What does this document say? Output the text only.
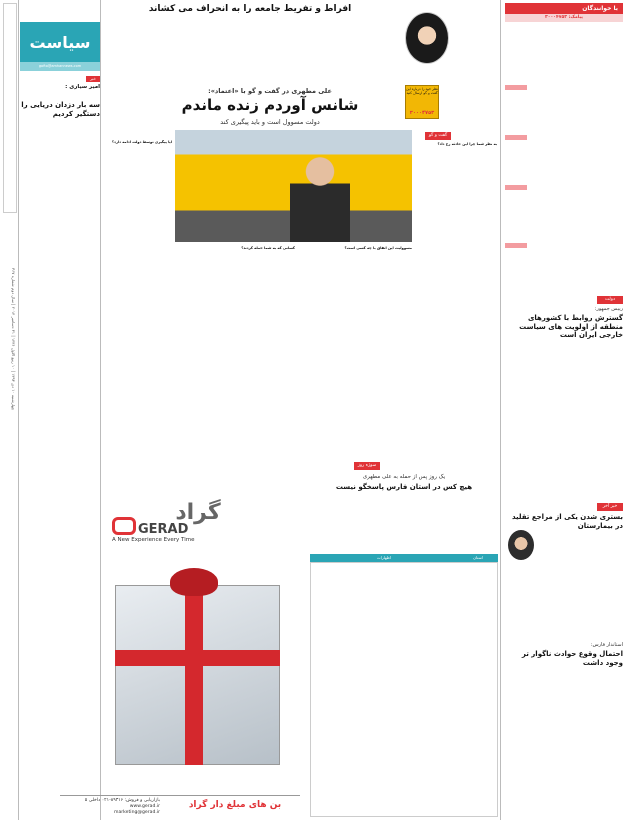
چهارشنبه ۱۰ دی ۱۳۹۳ | ۱۰ ربیع الاول ۱۴۳۶ | ۳۱ دسامبر ۲۰۱۴ | سال دوم شماره ۳۶۷
سیاست
gofto@amhannews.com
خبر
امیر سیاری :
سه بار دزدان دریایی را دستگیر کردیم
افراط و تفریط جامعه را به انحراف می کشاند
نظر خود را درباره این گفت و گو ارسال کنید
۳۰۰۰۴۷۵۳
علی مطهری در گفت و گو با «اعتماد»:
شانس آوردم زنده ماندم
دولت مسوول است و باید پیگیری کند
گفت و گو
آیا پیگیری توسط دولت ادامه دارد؟
کسانی که به شما حمله کردند؟	مسوولیت این اتفاق با چه کسی است؟
به نظر شما چرا این حادثه رخ داد؟
سوژه روز
یک روز پس از حمله به علی مطهری
هیچ کس در استان فارس پاسخگو نیست
استان
اظهارات
گراد
GERAD
A New Experience Every Time
بن های مبلغ دار گراد
بازاریابی و فروش: ۸۹۳۱۶-۰۲۱ داخلی ۵
www.gerad.ir
marketing@gerad.ir
با خوانندگان
پیامک: ۳۰۰۰۴۷۵۳
دولت
رییس جمهور:
گسترش روابط با کشورهای منطقه از اولویت های سیاست خارجی ایران است
خبر آخر
بستری شدن یکی از مراجع تقلید در بیمارستان
استاندار فارس:
احتمال وقوع حوادث ناگوار تر وجود داشت
